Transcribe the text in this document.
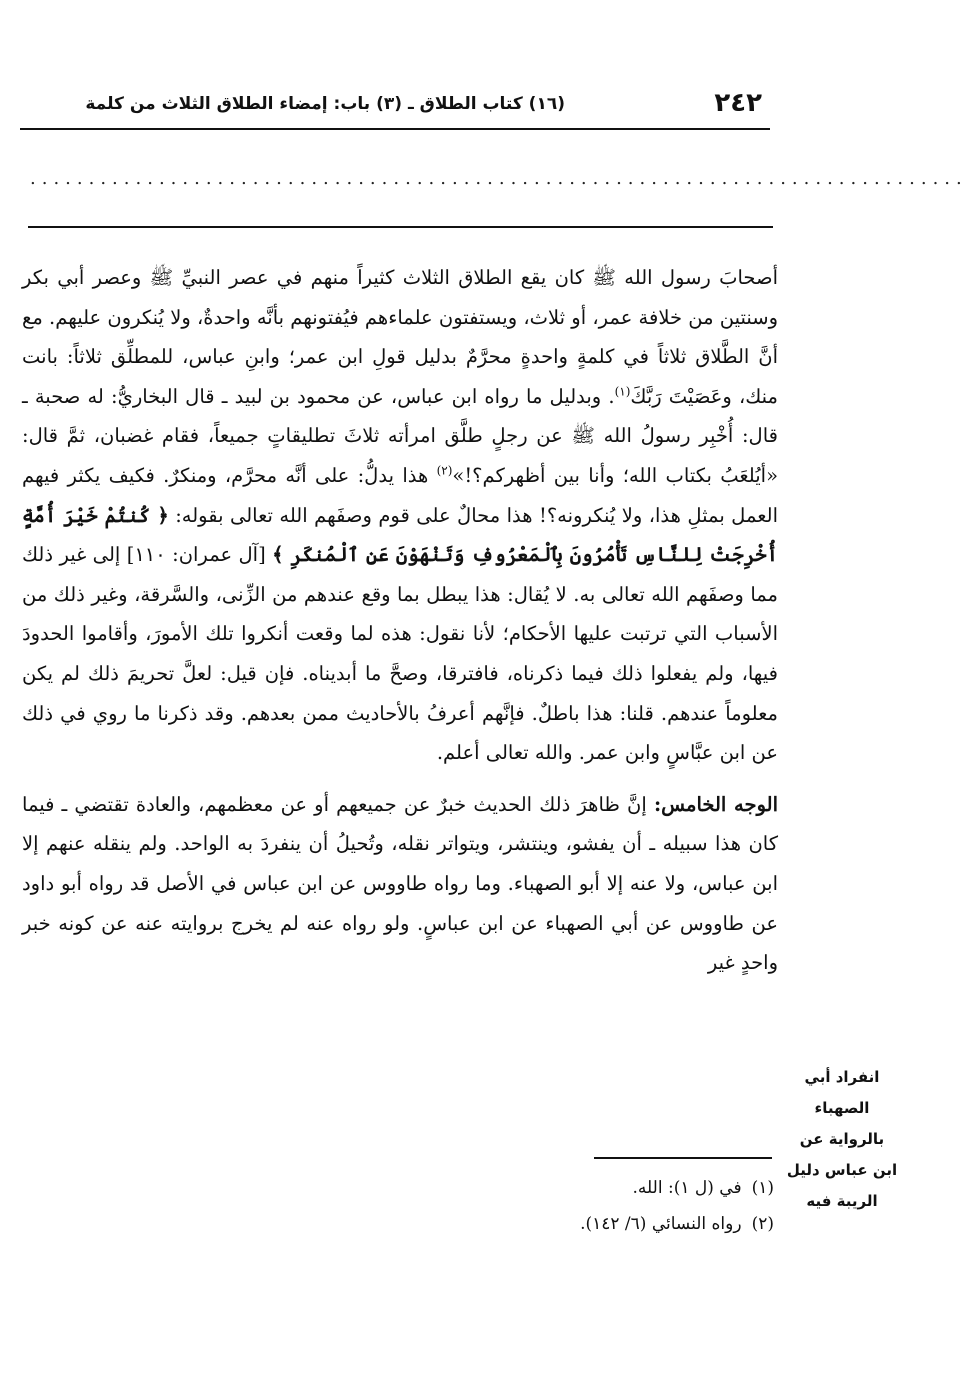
٢٤٢
(١٦) كتاب الطلاق ـ (٣) باب: إمضاء الطلاق الثلاث من كلمة
................................................................................

أصحابَ رسول الله ﷺ كان يقع الطلاق الثلاث كثيراً منهم في عصر النبيِّ ﷺ وعصر أبي بكر وسنتين من خلافة عمر، أو ثلاث، ويستفتون علماءهم فيُفتونهم بأنَّه واحدةٌ، ولا يُنكرون عليهم. مع أنَّ الطَّلاق ثلاثاً في كلمةٍ واحدةٍ محرَّمٌ بدليل قولِ ابن عمر؛ وابنِ عباس، للمطلِّق ثلاثاً: بانت منك، وعَصَيْتَ رَبَّكَ$^{(١)}$. وبدليل ما رواه ابن عباس، عن محمود بن لبيد ـ قال البخاريُّ: له صحبة ـ قال: أُخْبِر رسولُ الله ﷺ عن رجلٍ طلَّق امرأته ثلاثَ تطليقاتٍ جميعاً، فقام غضبان، ثمَّ قال: «أيُلعَبُ بكتاب الله؛ وأنا بين أظهركم؟!»$^{(٢)}$ هذا يدلُّ: على أنَّه محرَّم، ومنكرٌ. فكيف يكثر فيهم العمل بمثلِ هذا، ولا يُنكرونه؟! هذا محالٌ على قوم وصفَهم الله تعالى بقوله: ﴿ كُنتُمْ خَيْرَ أُمَّةٍ أُخْرِجَتْ لِلنَّاسِ تَأْمُرُونَ بِٱلْمَعْرُوفِ وَتَنْهَوْنَ عَنِ ٱلْمُنكَرِ ﴾ [آل عمران: ١١٠] إلى غير ذلك مما وصفَهم الله تعالى به. لا يُقال: هذا يبطل بما وقع عندهم من الزِّنى، والسَّرقة، وغير ذلك من الأسباب التي ترتبت عليها الأحكام؛ لأنا نقول: هذه لما وقعت أنكروا تلك الأمورَ، وأقاموا الحدودَ فيها، ولم يفعلوا ذلك فيما ذكرناه، فافترقا، وصحَّ ما أبديناه. فإن قيل: لعلَّ تحريمَ ذلك لم يكن معلوماً عندهم. قلنا: هذا باطلٌ. فإنَّهم أعرفُ بالأحاديث ممن بعدهم. وقد ذكرنا ما روي في ذلك عن ابن عبَّاسٍ وابن عمر. والله تعالى أعلم.

الوجه الخامس: إنَّ ظاهرَ ذلك الحديث خبرٌ عن جميعهم أو عن معظمهم، والعادة تقتضي ـ فيما كان هذا سبيله ـ أن يفشو، وينتشر، ويتواتر نقله، وتُحيلُ أن ينفردَ به الواحد. ولم ينقله عنهم إلا ابن عباس، ولا عنه إلا أبو الصهباء. وما رواه طاووس عن ابن عباس في الأصل قد رواه أبو داود عن طاووس عن أبي الصهباء عن ابن عباسٍ. ولو رواه عنه لم يخرج بروايته عنه عن كونه خبر واحدٍ غير

انفراد أبي الصهباء بالرواية عن ابن عباس دليل الريبة فيه
(١)في (ل ١): الله.
(٢)رواه النسائي (٦/ ١٤٢).
